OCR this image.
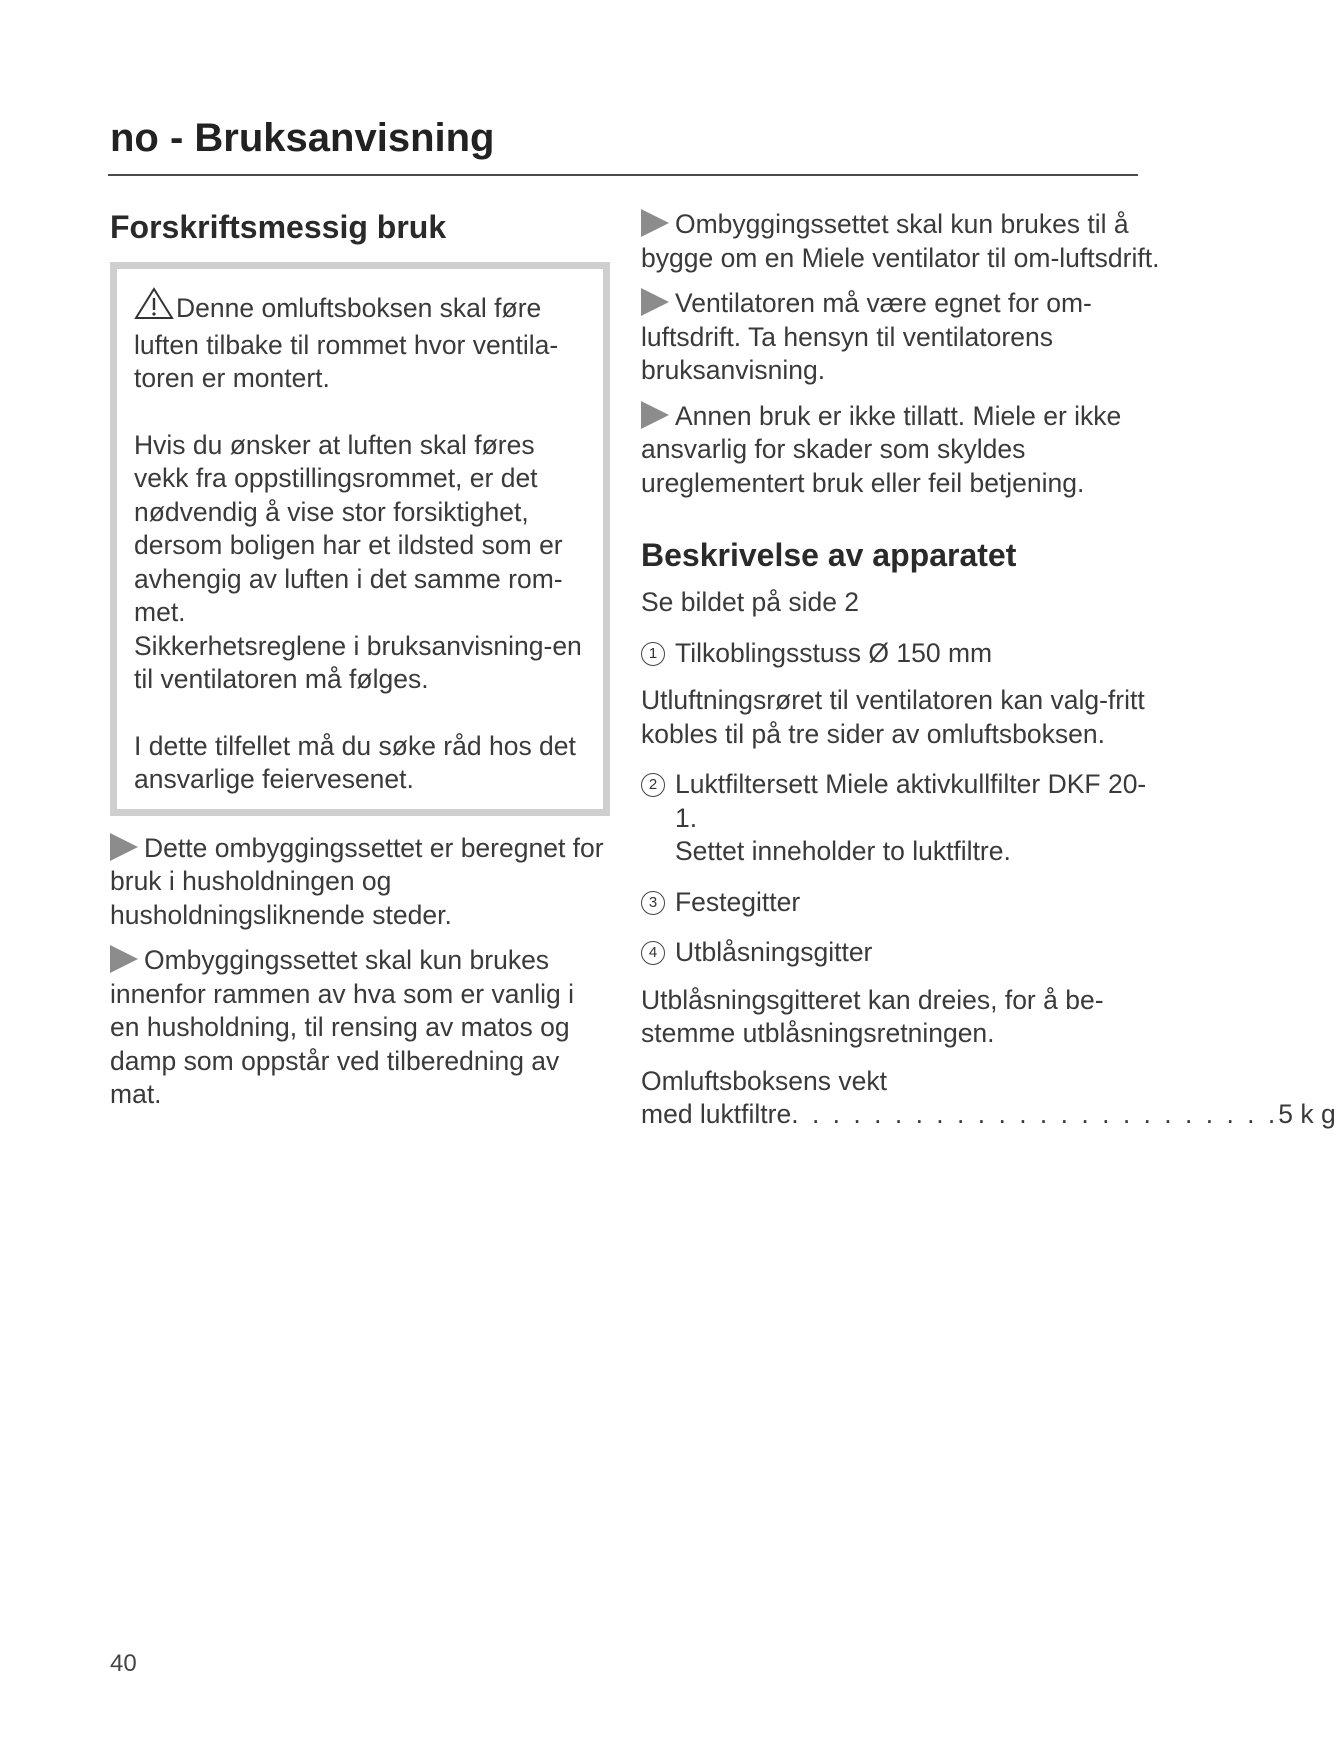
no - Bruksanvisning
Forskriftsmessig bruk

Denne omluftsboksen skal føre luften tilbake til rommet hvor ventila-toren er montert.

Hvis du ønsker at luften skal føres vekk fra oppstillingsrommet, er det nødvendig å vise stor forsiktighet, dersom boligen har et ildsted som er avhengig av luften i det samme rom-met.

Sikkerhetsreglene i bruksanvisning-en til ventilatoren må følges.

I dette tilfellet må du søke råd hos det ansvarlige feiervesenet.

Dette ombyggingssettet er beregnet for bruk i husholdningen og husholdningsliknende steder.

Ombyggingssettet skal kun brukes innenfor rammen av hva som er vanlig i en husholdning, til rensing av matos og damp som oppstår ved tilberedning av mat.

Ombyggingssettet skal kun brukes til å bygge om en Miele ventilator til om-luftsdrift.

Ventilatoren må være egnet for om-luftsdrift. Ta hensyn til ventilatorens bruksanvisning.

Annen bruk er ikke tillatt. Miele er ikke ansvarlig for skader som skyldes ureglementert bruk eller feil betjening.

Beskrivelse av apparatet

Se bildet på side 2

1 Tilkoblingsstuss Ø 150 mm

Utluftningsrøret til ventilatoren kan valg-fritt kobles til på tre sider av omluftsboksen.

2 Luktfiltersett Miele aktivkullfilter DKF 20-1.
Settet inneholder to luktfiltre.

3 Festegitter

4 Utblåsningsgitter

Utblåsningsgitteret kan dreies, for å be-stemme utblåsningsretningen.

Omluftsboksens vekt

med luktfiltre . . . . . . . . . . . . . . . . . . . . . . . . 5 k g

40
